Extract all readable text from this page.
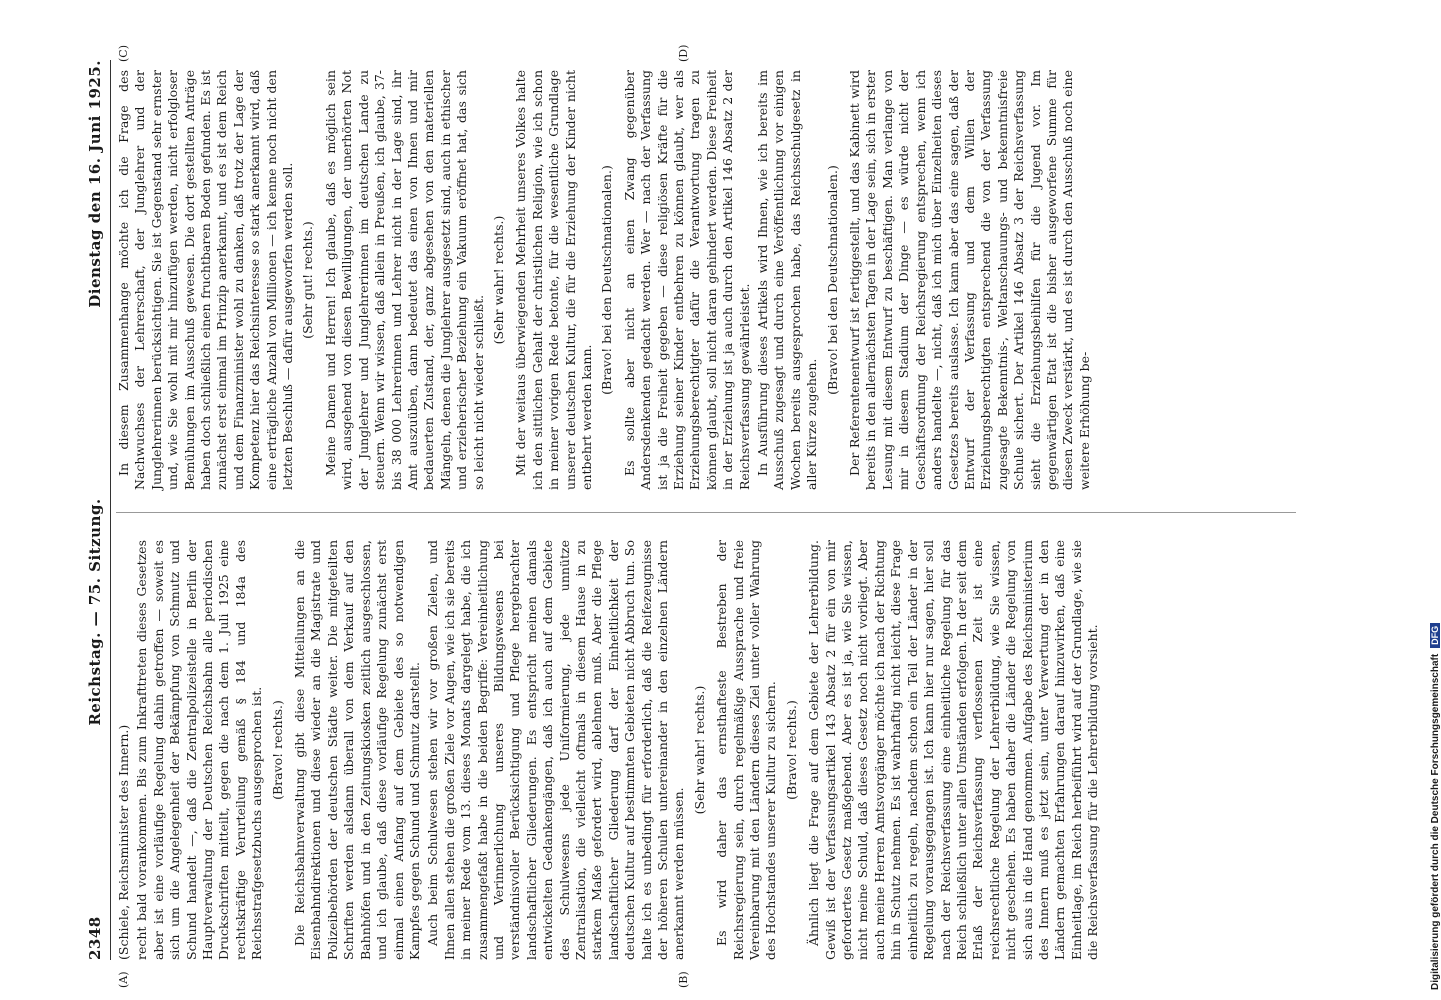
2348
Reichstag. — 75. Sitzung.
Dienstag den 16. Juni 1925.
(A)	(B)

(Schiele, Reichsminister des Innern.) recht bald vorankommen. Bis zum Inkrafttreten dieses Gesetzes aber ist eine vorläufige Regelung dahin getroffen — soweit es sich um die Angelegenheit der Bekämpfung von Schmutz und Schund handelt —, daß die Zentralpolizeistelle in Berlin der Hauptverwaltung der Deutschen Reichsbahn alle periodischen Druckschriften mitteilt, gegen die nach dem 1. Juli 1925 eine rechtskräftige Verurteilung gemäß § 184 und 184a des Reichsstrafgesetzbuchs ausgesprochen ist. (Bravo! rechts.) Die Reichsbahnverwaltung gibt diese Mitteilungen an die Eisenbahndirektionen und diese wieder an die Magistrate und Polizeibehörden der deutschen Städte weiter. Die mitgeteilten Schriften werden alsdann überall von dem Verkauf auf den Bahnhöfen und in den Zeitungskiosken zeitlich ausgeschlossen, und ich glaube, daß diese vorläufige Regelung zunächst erst einmal einen Anfang auf dem Gebiete des so notwendigen Kampfes gegen Schund und Schmutz darstellt. Auch beim Schulwesen stehen wir vor großen Zielen, und Ihnen allen stehen die großen Ziele vor Augen, wie ich sie bereits in meiner Rede vom 13. dieses Monats dargelegt habe, die ich zusammengefaßt habe in die beiden Begriffe: Vereinheitlichung und Verinnerlichung unseres Bildungswesens bei verständnisvoller Berücksichtigung und Pflege hergebrachter landschaftlicher Gliederungen. Es entspricht meinen damals entwickelten Gedankengängen, daß ich auch auf dem Gebiete des Schulwesens jede Uniformierung, jede unnütze Zentralisation, die vielleicht oftmals in diesem Hause in zu starkem Maße gefordert wird, ablehnen muß. Aber die Pflege landschaftlicher Gliederung darf der Einheitlichkeit der deutschen Kultur auf bestimmten Gebieten nicht Abbruch tun. So halte ich es unbedingt für erforderlich, daß die Reifezeugnisse der höheren Schulen untereinander in den einzelnen Ländern anerkannt werden müssen.

(Sehr wahr! rechts.) Es wird daher das ernsthafteste Bestreben der Reichsregierung sein, durch regelmäßige Aussprache und freie Vereinbarung mit den Ländern dieses Ziel unter voller Wahrung des Hochstandes unserer Kultur zu sichern. (Bravo! rechts.) Ähnlich liegt die Frage auf dem Gebiete der Lehrerbildung. Gewiß ist der Verfassungsartikel 143 Absatz 2 für ein von mir gefordertes Gesetz maßgebend. Aber es ist ja, wie Sie wissen, nicht meine Schuld, daß dieses Gesetz noch nicht vorliegt. Aber auch meine Herren Amtsvorgänger möchte ich nach der Richtung hin in Schutz nehmen. Es ist wahrhaftig nicht leicht, diese Frage einheitlich zu regeln, nachdem schon ein Teil der Länder in der Regelung vorausgegangen ist. Ich kann hier nur sagen, hier soll nach der Reichsverfassung eine einheitliche Regelung für das Reich schließlich unter allen Umständen erfolgen. In der seit dem Erlaß der Reichsverfassung verflossenen Zeit ist eine reichsrechtliche Regelung der Lehrerbildung, wie Sie wissen, nicht geschehen. Es haben daher die Länder die Regelung von sich aus in die Hand genommen. Aufgabe des Reichsministerium des Innern muß es jetzt sein, unter Verwertung der in den Ländern gemachten Erfahrungen darauf hinzuwirken, daß eine Einheitlage, im Reich herbeiführt wird auf der Grundlage, wie sie die Reichsverfassung für die Lehrerbildung vorsieht.

(C)	(D)

In diesem Zusammenhange möchte ich die Frage des Nachwuchses der Lehrerschaft, der Junglehrer und der Junglehrerinnen berücksichtigen. Sie ist Gegenstand sehr ernster und, wie Sie wohl mit mir hinzufügen werden, nicht erfolgloser Bemühungen im Ausschuß gewesen. Die dort gestellten Anträge haben doch schließlich einen fruchtbaren Boden gefunden. Es ist zunächst erst einmal im Prinzip anerkannt, und es ist dem Reich und dem Finanzminister wohl zu danken, daß trotz der Lage der Kompetenz hier das Reichsinteresse so stark anerkannt wird, daß eine erträgliche Anzahl von Millionen — ich kenne noch nicht den letzten Beschluß — dafür ausgeworfen werden soll. (Sehr gut! rechts.) Meine Damen und Herren! Ich glaube, daß es möglich sein wird, ausgehend von diesen Bewilligungen, der unerhörten Not der Junglehrer und Junglehrerinnen im deutschen Lande zu steuern. Wenn wir wissen, daß allein in Preußen, ich glaube, 37- bis 38 000 Lehrerinnen und Lehrer nicht in der Lage sind, ihr Amt auszuüben, dann bedeutet das einen von Ihnen und mir bedauerten Zustand, der, ganz abgesehen von den materiellen Mängeln, denen die Junglehrer ausgesetzt sind, auch in ethischer und erzieherischer Beziehung ein Vakuum eröffnet hat, das sich so leicht nicht wieder schließt.

(Sehr wahr! rechts.) Mit der weitaus überwiegenden Mehrheit unseres Volkes halte ich den sittlichen Gehalt der christlichen Religion, wie ich schon in meiner vorigen Rede betonte, für die wesentliche Grundlage unserer deutschen Kultur, die für die Erziehung der Kinder nicht entbehrt werden kann.

(Bravo! bei den Deutschnationalen.) Es sollte aber nicht an einen Zwang gegenüber Andersdenkenden gedacht werden. Wer — nach der Verfassung ist ja die Freiheit gegeben — diese religiösen Kräfte für die Erziehung seiner Kinder entbehren zu können glaubt, wer als Erziehungsberechtigter dafür die Verantwortung tragen zu können glaubt, soll nicht daran gehindert werden. Diese Freiheit in der Erziehung ist ja auch durch den Artikel 146 Absatz 2 der Reichsverfassung gewährleistet. In Ausführung dieses Artikels wird Ihnen, wie ich bereits im Ausschuß zugesagt und durch eine Veröffentlichung vor einigen Wochen bereits ausgesprochen habe, das Reichsschulgesetz in aller Kürze zugehen.

(Bravo! bei den Deutschnationalen.) Der Referentenentwurf ist fertiggestellt, und das Kabinett wird bereits in den allernächsten Tagen in der Lage sein, sich in erster Lesung mit diesem Entwurf zu beschäftigen. Man verlange von mir in diesem Stadium der Dinge — es würde nicht der Geschäftsordnung der Reichsregierung entsprechen, wenn ich anders handelte —, nicht, daß ich mich über Einzelheiten dieses Gesetzes bereits auslasse. Ich kann aber das eine sagen, daß der Entwurf der Verfassung und dem Willen der Erziehungsberechtigten entsprechend die von der Verfassung zugesagte Bekenntnis-, Weltanschauungs- und bekenntnisfreie Schule sichert. Der Artikel 146 Absatz 3 der Reichsverfassung sieht die Erziehungsbeihilfen für die Jugend vor. Im gegenwärtigen Etat ist die bisher ausgeworfene Summe für diesen Zweck verstärkt, und es ist durch den Ausschuß noch eine weitere Erhöhung be-

Digitalisierung gefördert durch die Deutsche ForschungsgemeinschaftDFG
